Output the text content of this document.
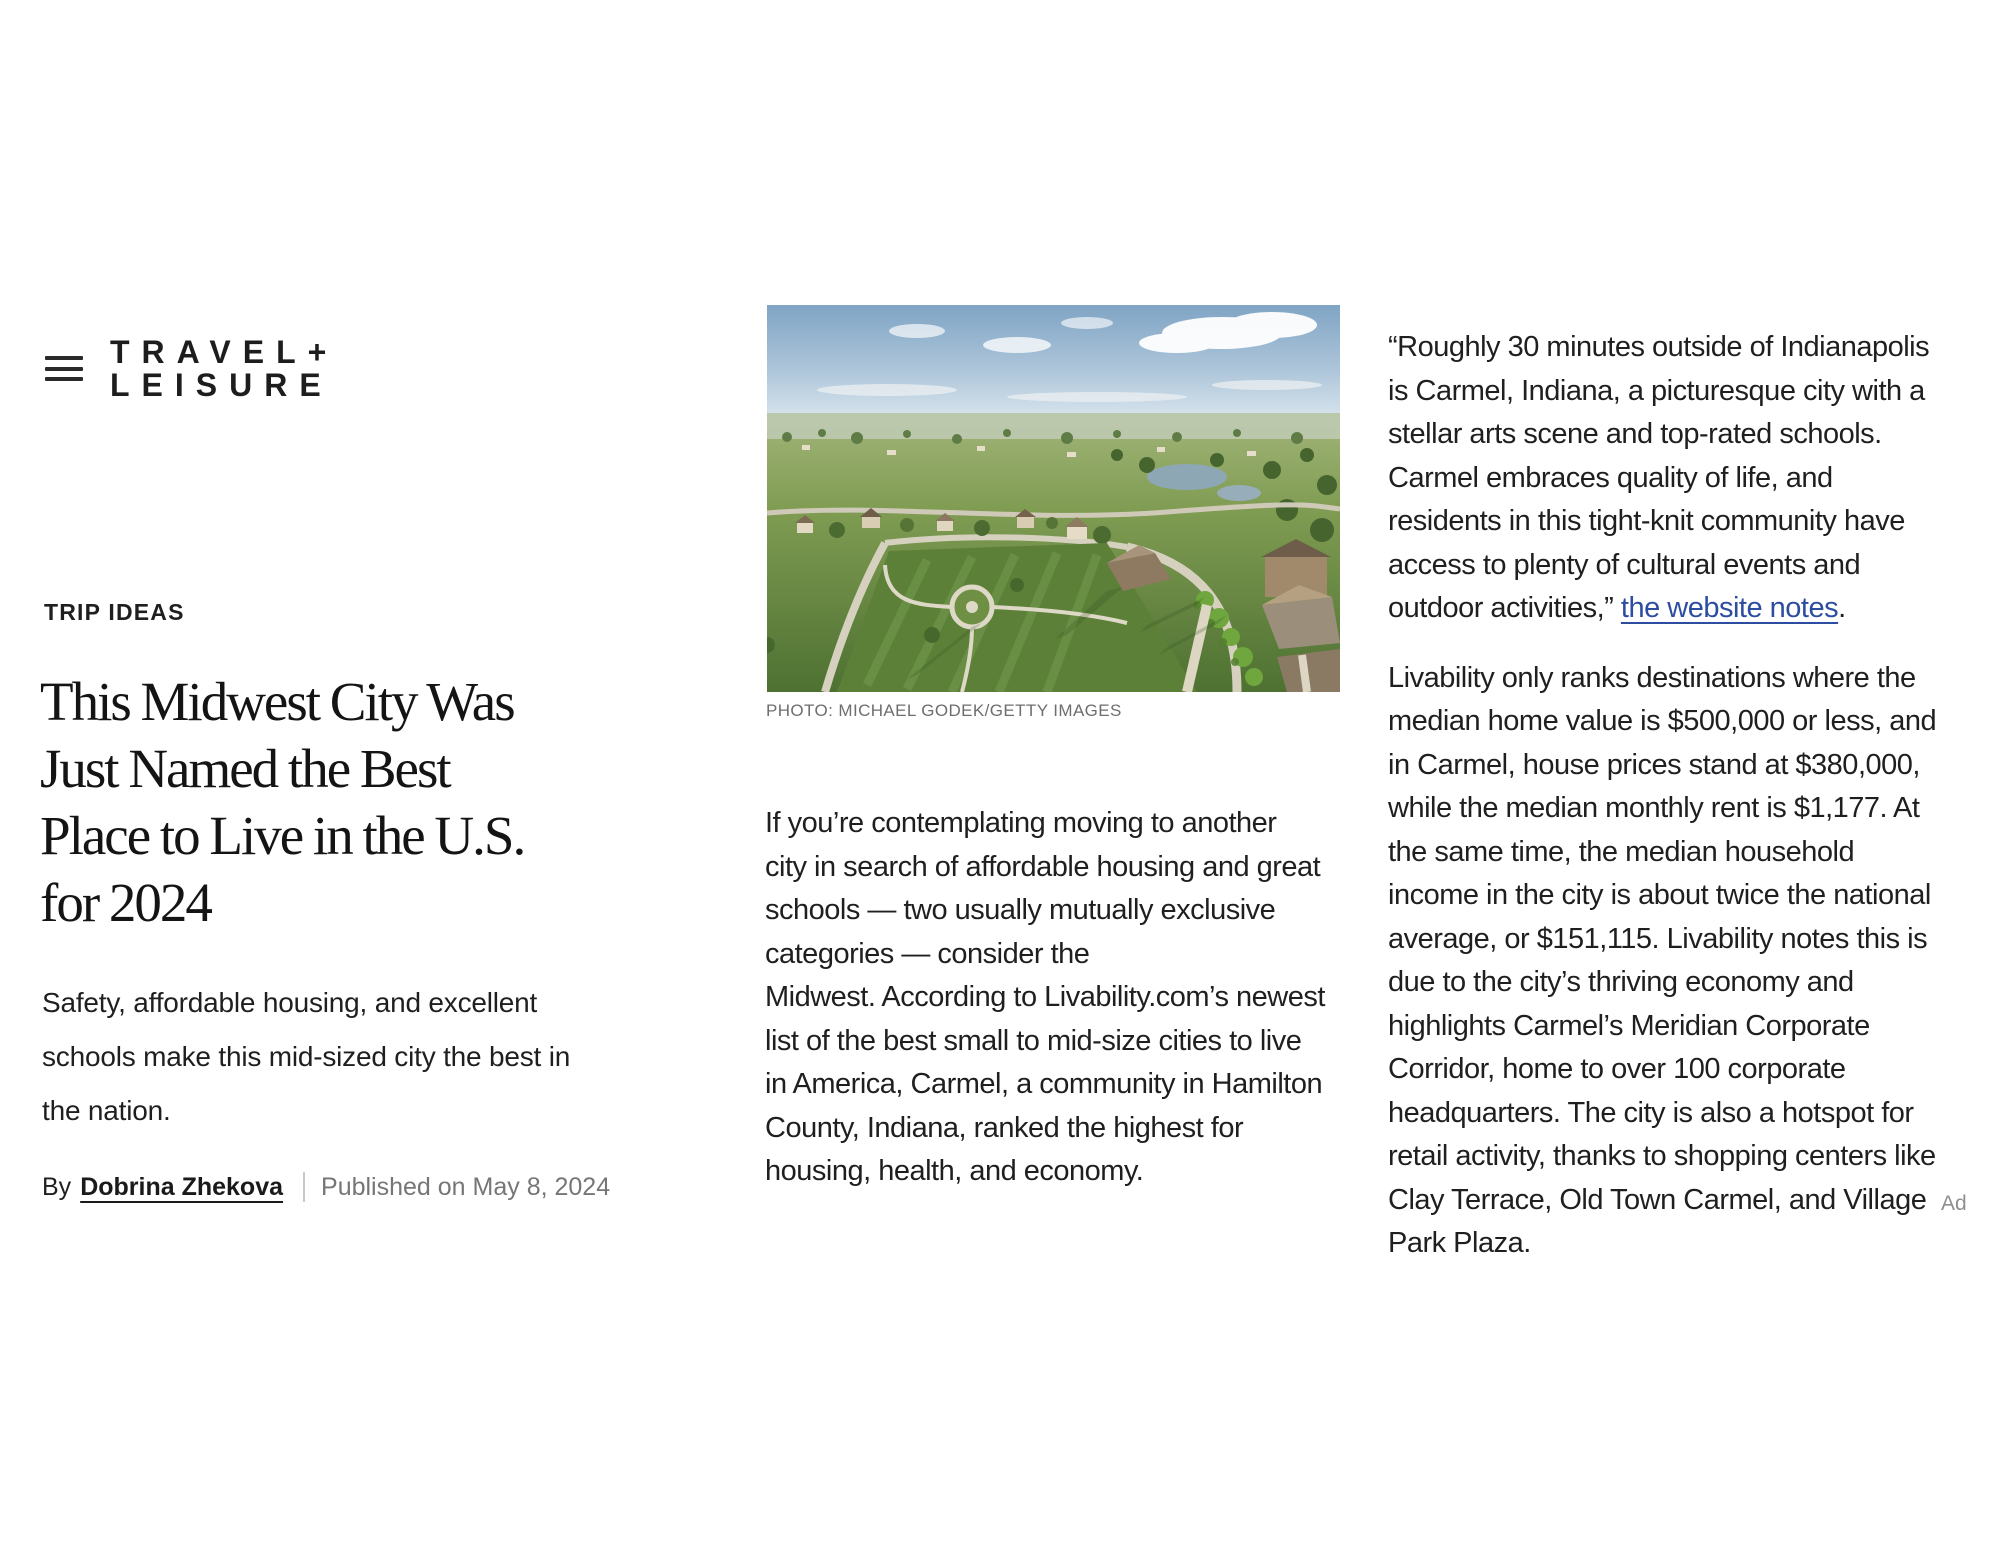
TRAVEL+
LEISURE
TRIP IDEAS
This Midwest City Was Just Named the Best Place to Live in the U.S. for 2024
Safety, affordable housing, and excellent schools make this mid-sized city the best in the nation.
By Dobrina Zhekova Published on May 8, 2024
PHOTO: MICHAEL GODEK/GETTY IMAGES
If you’re contemplating moving to another city in search of affordable housing and great schools — two usually mutually exclusive categories — consider the
Midwest. According to Livability.com’s newest list of the best small to mid-size cities to live in America, Carmel, a community in Hamilton County, Indiana, ranked the highest for housing, health, and economy.

“Roughly 30 minutes outside of Indianapolis is Carmel, Indiana, a picturesque city with a stellar arts scene and top-rated schools. Carmel embraces quality of life, and residents in this tight-knit community have access to plenty of cultural events and outdoor activities,” the website notes.

Livability only ranks destinations where the median home value is $500,000 or less, and in Carmel, house prices stand at $380,000, while the median monthly rent is $1,177. At the same time, the median household income in the city is about twice the national average, or $151,115. Livability notes this is due to the city’s thriving economy and highlights Carmel’s Meridian Corporate Corridor, home to over 100 corporate headquarters. The city is also a hotspot for retail activity, thanks to shopping centers like Clay Terrace, Old Town Carmel, and Village Park Plaza.

Ad
